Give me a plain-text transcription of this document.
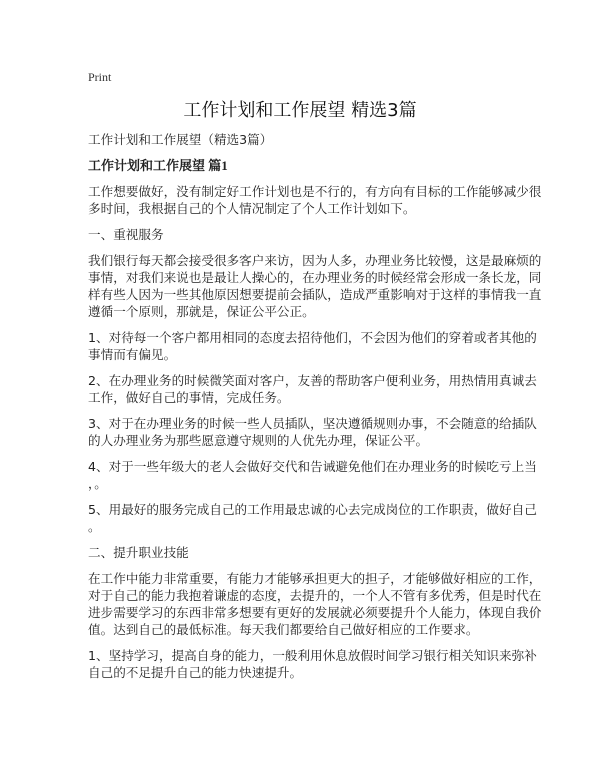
Print
工作计划和工作展望 精选3篇
工作计划和工作展望（精选3篇）
工作计划和工作展望 篇1
工作想要做好，没有制定好工作计划也是不行的，有方向有目标的工作能够减少很
多时间，我根据自己的个人情况制定了个人工作计划如下。
一、重视服务
我们银行每天都会接受很多客户来访，因为人多，办理业务比较慢，这是最麻烦的
事情，对我们来说也是最让人操心的，在办理业务的时候经常会形成一条长龙，同
样有些人因为一些其他原因想要提前会插队，造成严重影响对于这样的事情我一直
遵循一个原则，那就是，保证公平公正。
1、对待每一个客户都用相同的态度去招待他们，不会因为他们的穿着或者其他的
事情而有偏见。
2、在办理业务的时候微笑面对客户，友善的帮助客户便利业务，用热情用真诚去
工作，做好自己的事情，完成任务。
3、对于在办理业务的时候一些人员插队，坚决遵循规则办事，不会随意的给插队
的人办理业务为那些愿意遵守规则的人优先办理，保证公平。
4、对于一些年级大的老人会做好交代和告诫避免他们在办理业务的时候吃亏上当
，。
5、用最好的服务完成自己的工作用最忠诚的心去完成岗位的工作职责，做好自己
。
二、提升职业技能
在工作中能力非常重要，有能力才能够承担更大的担子，才能够做好相应的工作，
对于自己的能力我抱着谦虚的态度，去提升的，一个人不管有多优秀，但是时代在
进步需要学习的东西非常多想要有更好的发展就必须要提升个人能力，体现自我价
值。达到自己的最低标准。每天我们都要给自己做好相应的工作要求。
1、坚持学习，提高自身的能力，一般利用休息放假时间学习银行相关知识来弥补
自己的不足提升自己的能力快速提升。
